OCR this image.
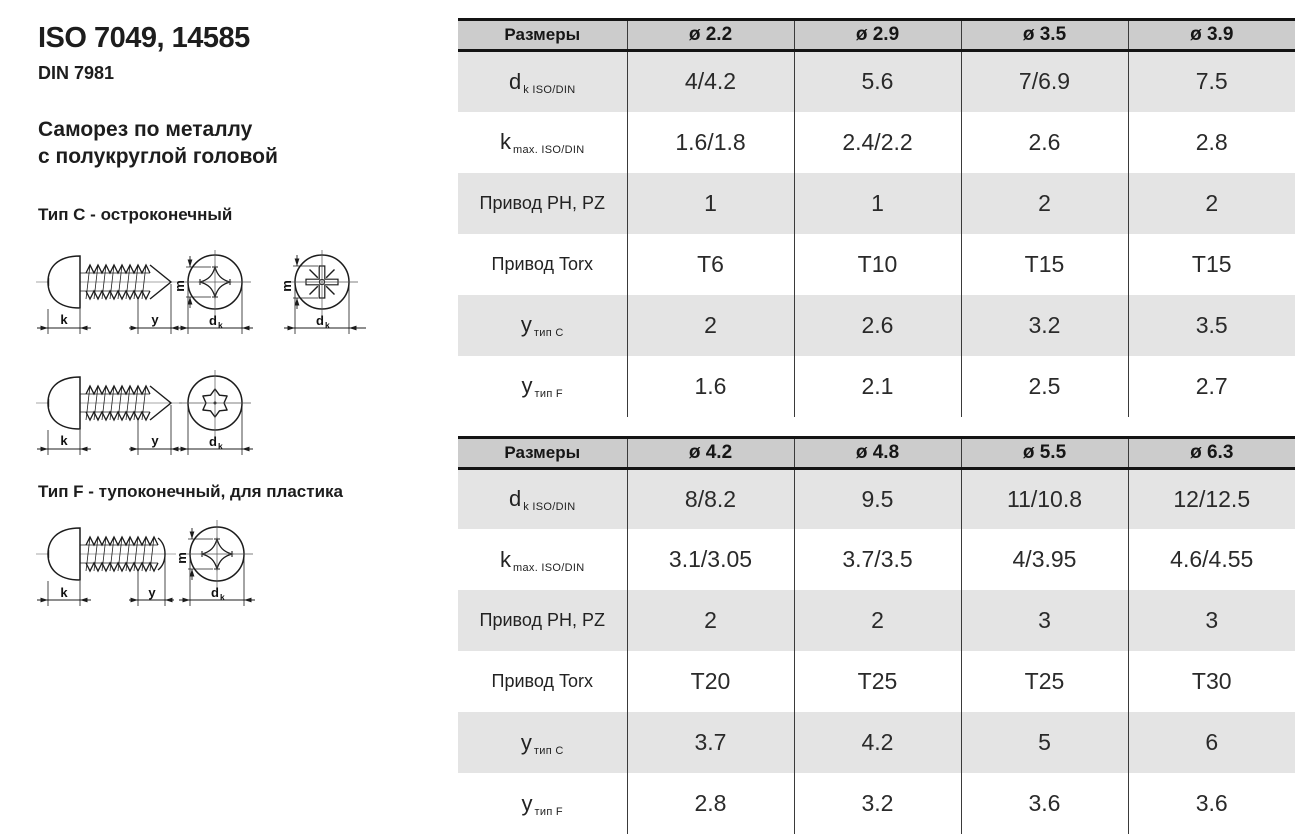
ISO 7049, 14585
DIN 7981
Саморез по металлу
с полукруглой головой
Тип C - остроконечный
Тип F - тупоконечный, для пластика
k	y
m
d k
m
d k
k	y	d k
k	y
m
d k
Размеры	ø 2.2	ø 2.9	ø 3.5	ø 3.9
d $_{k ISO/DIN}$	4/4.2	5.6	7/6.9	7.5
k $_{max. ISO/DIN}$	1.6/1.8	2.4/2.2	2.6	2.8
Привод PH, PZ	1	1	2	2
Привод Torx	T6	T10	T15	T15
у $_{тип C}$	2	2.6	3.2	3.5
у $_{тип F}$	1.6	2.1	2.5	2.7
Размеры	ø 4.2	ø 4.8	ø 5.5	ø 6.3
d $_{k ISO/DIN}$	8/8.2	9.5	11/10.8	12/12.5
k $_{max. ISO/DIN}$	3.1/3.05	3.7/3.5	4/3.95	4.6/4.55
Привод PH, PZ	2	2	3	3
Привод Torx	T20	T25	T25	T30
у $_{тип C}$	3.7	4.2	5	6
у $_{тип F}$	2.8	3.2	3.6	3.6
